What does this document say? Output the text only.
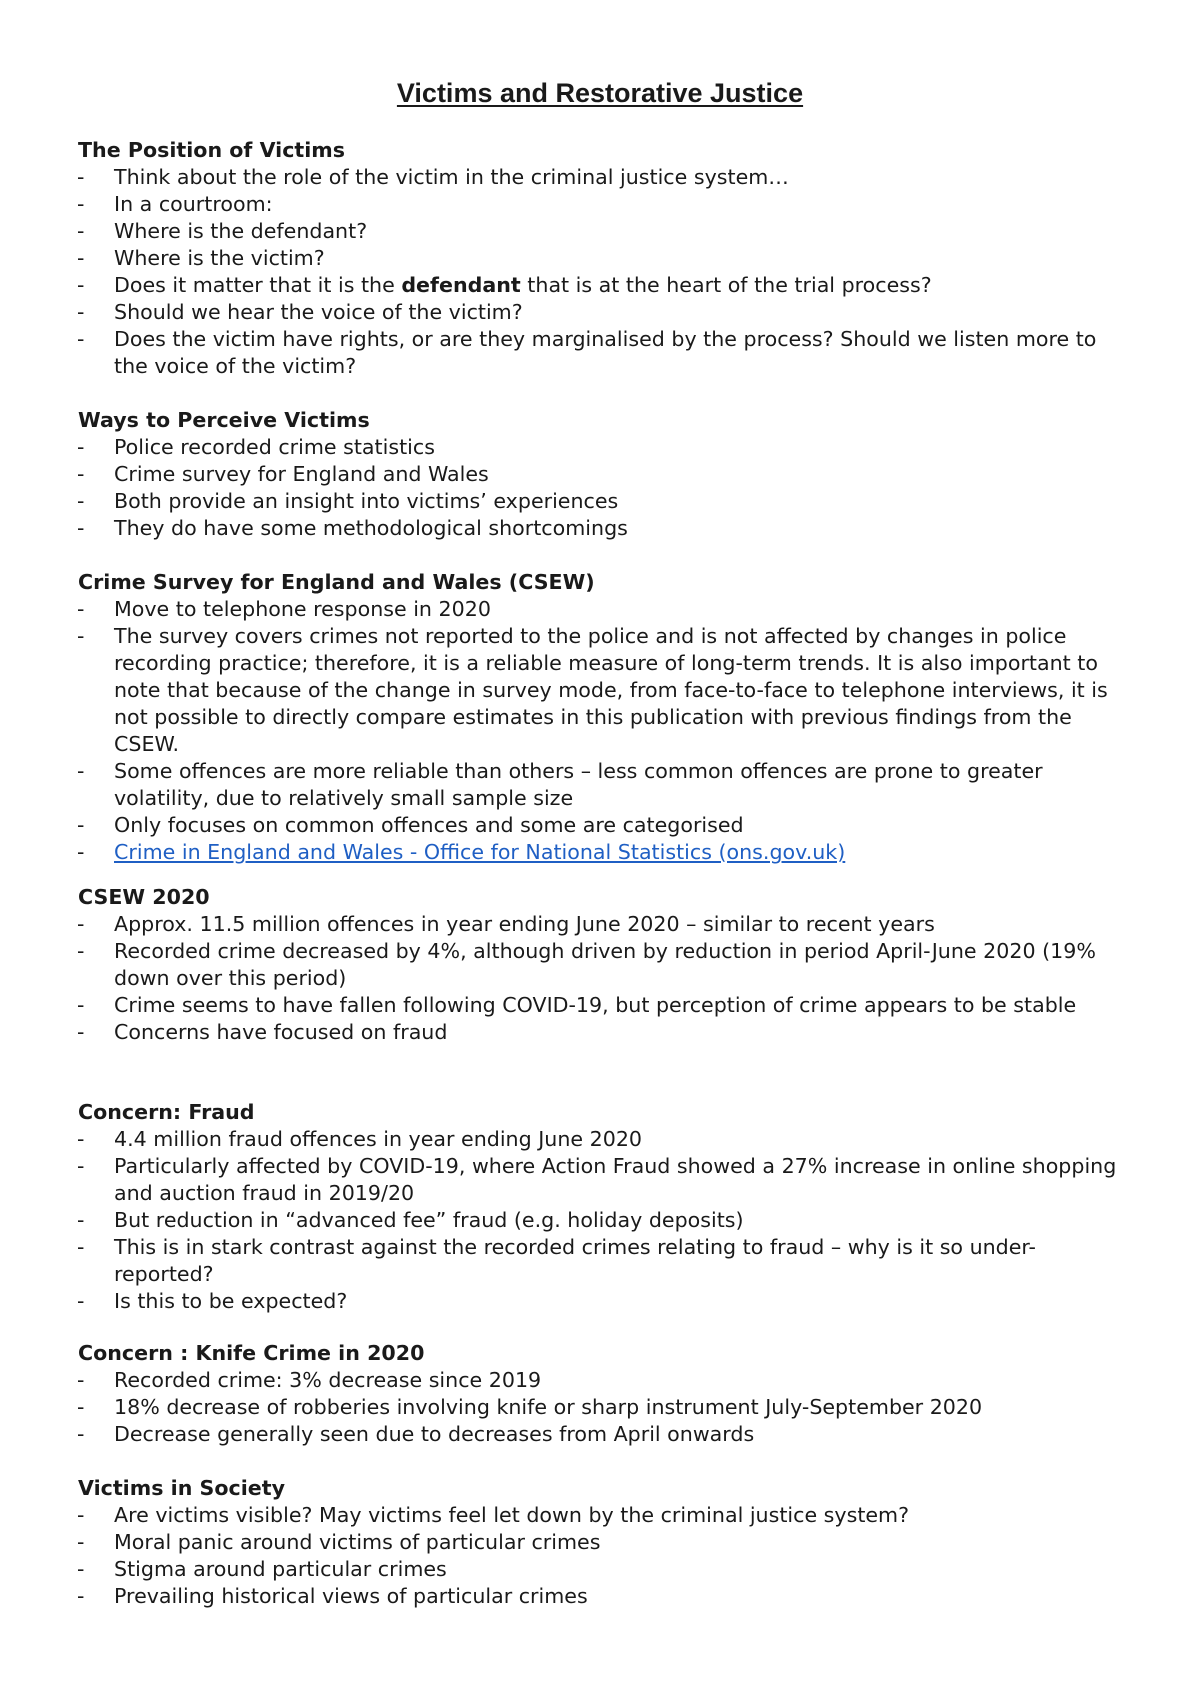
Victims and Restorative Justice
The Position of Victims
-	Think about the role of the victim in the criminal justice system…
-	In a courtroom:
-	Where is the defendant?
-	Where is the victim?
-	Does it matter that it is the defendant that is at the heart of the trial process?
-	Should we hear the voice of the victim?
-	Does the victim have rights, or are they marginalised by the process? Should we listen more to the voice of the victim?
Ways to Perceive Victims
-	Police recorded crime statistics
-	Crime survey for England and Wales
-	Both provide an insight into victims’ experiences
-	They do have some methodological shortcomings
Crime Survey for England and Wales (CSEW)
-	Move to telephone response in 2020
-	The survey covers crimes not reported to the police and is not affected by changes in police recording practice; therefore, it is a reliable measure of long-term trends. It is also important to note that because of the change in survey mode, from face-to-face to telephone interviews, it is not possible to directly compare estimates in this publication with previous findings from the CSEW.
-	Some offences are more reliable than others – less common offences are prone to greater volatility, due to relatively small sample size
-	Only focuses on common offences and some are categorised
-	Crime in England and Wales - Office for National Statistics (ons.gov.uk)
CSEW 2020
-	Approx. 11.5 million offences in year ending June 2020 – similar to recent years
-	Recorded crime decreased by 4%, although driven by reduction in period April-June 2020 (19% down over this period)
-	Crime seems to have fallen following COVID-19, but perception of crime appears to be stable
-	Concerns have focused on fraud
Concern: Fraud
-	4.4 million fraud offences in year ending June 2020
-	Particularly affected by COVID-19, where Action Fraud showed a 27% increase in online shopping and auction fraud in 2019/20
-	But reduction in “advanced fee” fraud (e.g. holiday deposits)
-	This is in stark contrast against the recorded crimes relating to fraud – why is it so under-reported?
-	Is this to be expected?
Concern : Knife Crime in 2020
-	Recorded crime: 3% decrease since 2019
-	18% decrease of robberies involving knife or sharp instrument July-September 2020
-	Decrease generally seen due to decreases from April onwards
Victims in Society
-	Are victims visible? May victims feel let down by the criminal justice system?
-	Moral panic around victims of particular crimes
-	Stigma around particular crimes
-	Prevailing historical views of particular crimes
